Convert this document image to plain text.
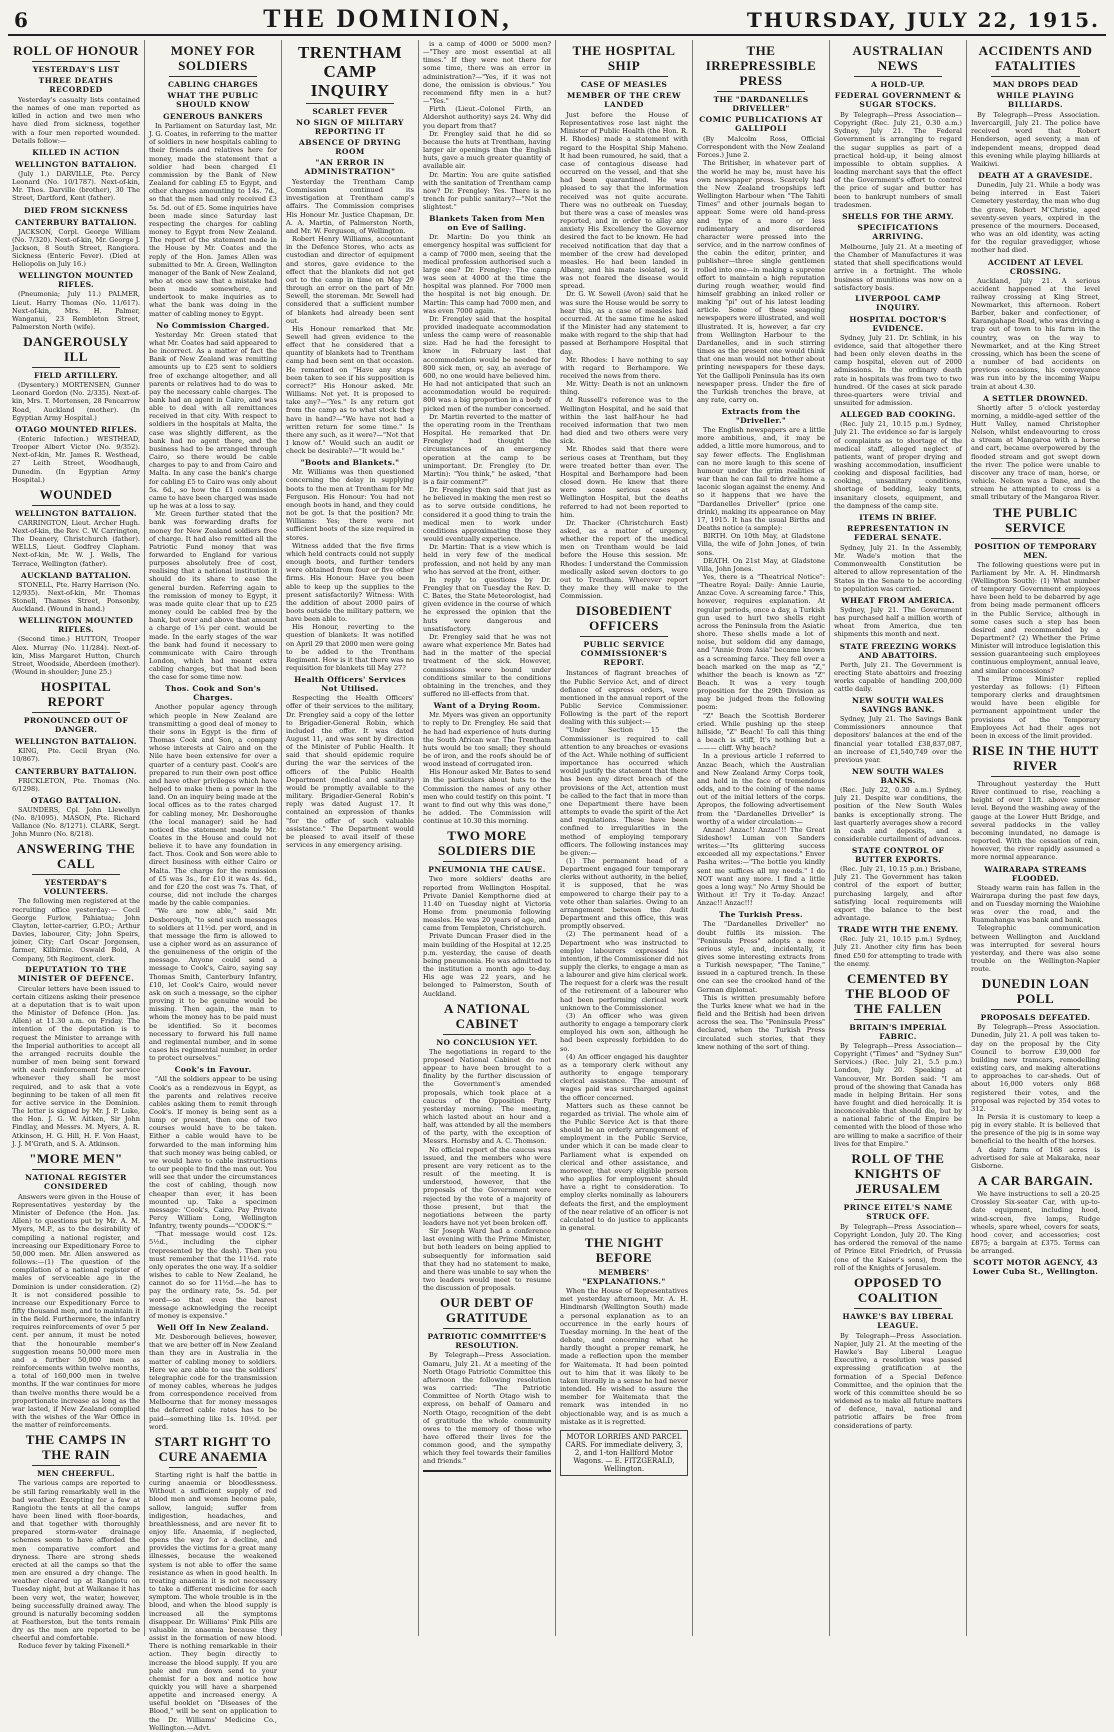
6	THE DOMINION,	THURSDAY, JULY 22, 1915.
ROLL OF HONOUR
YESTERDAY'S LIST
THREE DEATHS RECORDED

Yesterday's casualty lists contained the names of one man reported as killed in action and two men who have died from sickness, together with a four men reported wounded. Details follow:—

KILLED IN ACTION
WELLINGTON BATTALION.

(July 1.) DARVILLE, Pte. Percy Leonard (No. 10/1787). Next-of-kin, Mr. Thos. Darville (brother), 30 The Street, Dartford, Kent (father).

DIED FROM SICKNESS
CANTERBURY BATTALION.

JACKSON, Corpl. George William (No. 7/320). Next-of-kin, Mr. George J. Jackson, 8 South Street, Rangiora. Sickness (Enteric Fever). (Died at Heliopolis on July 16.)

WELLINGTON MOUNTED RIFLES.

(Pneumonia; July 11.) PALMER, Lieut. Harry Thomas (No. 11/617). Next-of-kin, Mrs. H. Palmer, Wanganui, 23 Rembleton Street, Palmerston North (wife).

DANGEROUSLY ILL
FIELD ARTILLERY.

(Dysentery.) MORTENSEN, Gunner Leonard Gordon (No. 2/335). Next-of-kin, Mrs. T. Mortensen, 28 Pencarrow Road, Auckland (mother). (In Egyptian Army Hospital.)

OTAGO MOUNTED RIFLES.

(Enteric Infection.) WESTHEAD, Trooper Albert Victor (No. 9/352). Next-of-kin, Mr. James R. Westhead, 27 Leith Street, Woodhaugh, Dunedin. (In Egyptian Army Hospital.)

WOUNDED
WELLINGTON BATTALION.

CARRINGTON, Lieut. Archer Hugh. Next-of-kin, the Rev. C. W. Carrington, The Deanery, Christchurch (father). WELLS, Lieut. Godfrey Clapham. Next-of-kin, Mr. W. J. Wells, The Terrace, Wellington (father).

AUCKLAND BATTALION.

STONELL, Pte. Harry Harrison (No. 12/935). Next-of-kin, Mr. Thomas Stonell, Thames Street, Ponsonby, Auckland. (Wound in hand.)

WELLINGTON MOUNTED RIFLES.

(Second time.) HUTTON, Trooper Alex. Murray (No. 11/284). Next-of-kin, Miss Margaret Hutton, Church Street, Woodside, Aberdeen (mother). (Wound in shoulder; June 25.)

HOSPITAL REPORT
PRONOUNCED OUT OF DANGER.
WELLINGTON BATTALION.

KING, Pte. Cecil Bryan (No. 10/867).

CANTERBURY BATTALION.

FRICKLETON, Pte. Thomas (No. 6/1298).

OTAGO BATTALION.

SAUNDERS, Cpl. John Llewellyn (No. 8/1095). MASON, Pte. Richard Vallance (No. 8/1271). CLARK, Sergt. John Munro (No. 8/218).

ANSWERING THE CALL
YESTERDAY'S VOLUNTEERS.

The following men registered at the recruiting office yesterday:— Cecil George Furlow, Pahiatua; John Clayton, letter-carrier, G.P.O.; Arthur Davies, labourer, City; John Speirs, joiner, City; Carl Oscar Jorgensen, farmer, Kilbirnie. Oswald Bold, A Company, 5th Regiment, clerk.

DEPUTATION TO THE MINISTER OF DEFENCE.

Circular letters have been issued to certain citizens asking their presence at a deputation that is to wait upon the Minister of Defence (Hon. Jas. Allen) at 11.30 a.m. on Friday. The intention of the deputation is to request the Minister to arrange with the Imperial authorities to accept all the arranged recruits double the number of men being sent forward with each reinforcement for service whenever they shall be most required, and to ask that a vote beginning to be taken of all men fit for active service in the Dominion. The letter is signed by Mr. J. P. Luke, the Hon. J. G. W. Aitken, Sir John Findlay, and Messrs. M. Myers, A. R. Atkinson, H. G. Hill, H. F. Von Haast, J. J. M'Grath, and S. A. Atkinson.

"MORE MEN"
NATIONAL REGISTER CONSIDERED

Answers were given in the House of Representatives yesterday by the Minister of Defence (the Hon. Jas. Allen) to questions put by Mr. A. M. Myers, M.P., as to the desirability of compiling a national register, and increasing our Expeditionary Force to 50,000 men. Mr. Allen answered as follows:—(1) The question of the compilation of a national register of males of serviceable age in the Dominion is under consideration. (2) It is not considered possible to increase our Expeditionary Force to fifty thousand men, and to maintain it in the field. Furthermore, the infantry requires reinforcements of over 5 per cent. per annum, it must be noted that the honourable member's suggestion means 50,000 more men and a further 50,000 men as reinforcements within twelve months, a total of 160,000 men in twelve months. If the war continues for more than twelve months there would be a proportionate increase as long as the war lasted, if New Zealand complied with the wishes of the War Office in the matter of reinforcements.

THE CAMPS IN THE RAIN
MEN CHEERFUL.

The various camps are reported to be still faring remarkably well in the bad weather. Excepting for a few at Rangiotu the tents at all the camps have been lined with floor-boards, and that together with thoroughly prepared storm-water drainage schemes seem to have afforded the men comparative comfort and dryness. There are strong sheds erected at all the camps so that the men are ensured a dry change. The weather cleared up at Rangiotu on Tuesday night, but at Waikanae it has been very wet, the water, however, being successfully drained away. The ground is naturally becoming sodden at Featherston, but the tents remain dry as the men are reported to be cheerful and comfortable.

Reduce fever by taking Fixenell.*

MONEY FOR SOLDIERS
CABLING CHARGES
WHAT THE PUBLIC SHOULD KNOW
GENEROUS BANKERS

In Parliament on Saturday last, Mr. J. G. Coates, in referring to the matter of soldiers in new hospitals cabling to their friends and relatives here for money, made the statement that a soldier had been charged £1 commission by the Bank of New Zealand for cabling £5 to Egypt, and other charges amounting to 14s. 7d., so that the men had only received £3 5s. 5d. out of £5. Some inquiries have been made since Saturday last respecting the charges for cabling money to Egypt from New Zealand. The report of the statement made in the House by Mr. Coates and the reply of the Hon. James Allen was submitted to Mr. A. Green, Wellington manager of the Bank of New Zealand, who at once saw that a mistake had been made somewhere, and undertook to make inquiries as to what the bank was doing in the matter of cabling money to Egypt.

No Commission Charged.

Yesterday Mr. Green stated that what Mr. Coates had said appeared to be incorrect. As a matter of fact the Bank of New Zealand was remitting amounts up to £25 sent to soldiers free of exchange altogether, and all parents or relatives had to do was to pay the necessary cable charges. The bank had an agent in Cairo, and was able to deal with all remittances received in that city. With respect to soldiers in the hospitals at Malta, the case was slightly different, as the bank had no agent there, and the business had to be arranged through Cairo, so there would be cable charges to pay to and from Cairo and Malta. In any case the bank's charge for cabling £5 to Cairo was only about 5s. 6d., so how the £1 commission came to have been charged was made up he was at a loss to say.

Mr. Green further stated that the bank was forwarding drafts for money for New Zealand soldiers free of charge. It had also remitted all the Patriotic Fund money that was forwarded to England for various purposes absolutely free of cost, realising that a national institution it should do its share to ease the general burden. Referring again to the remission of money to Egypt, it was made quite clear that up to £25 money could be cabled free by the bank, but over and above that amount a charge of 1¼ per cent. would be made. In the early stages of the war the bank had found it necessary to communicate with Cairo through London, which had meant extra cabling charges, but that had been the case for some time now.

Thos. Cook and Son's Charges.

Another popular agency through which people in New Zealand are transmitting a good deal of money to their sons in Egypt is the firm of Thomas Cook and Son, a company whose interests at Cairo and on the Nile have been extensive for over a quarter of a century past. Cook's are prepared to run their own post office and have other privileges which have helped to make them a power in the land. On an inquiry being made at the local offices as to the rates charged for cabling money, Mr. Deshoroughe (the local manager) said he had noticed the statement made by Mr. Coates in the House and could not believe it to have any foundation in fact. Thos. Cook and Son were able to direct business with either Cairo or Malta. The charge for the remission of £5 was 3s., for £10 it was 4s. 6d., and for £20 the cost was 7s. That, of course, did not include the charges made by the cable companies.

"We are now able," said Mr. Desborough, "to send such messages to soldiers at 11½d. per word, and in that message the firm is allowed to use a cipher word as an assurance of the genuineness of the origin of the message. Anyone could send a message to Cook's, Cairo, saying say Thomas Smith, Canterbury Infantry, £10, let Cook's Cairo, would never ask on such a message, so the cipher proving it to be genuine would be missing. Then again, the man to whom the money has to be paid must be identified. So it becomes necessary to forward his full name and regimental number, and in some cases his regimental number, in order to protect ourselves."

Cook's in Favour.

"All the soldiers appear to be using Cook's as a rendezvous in Egypt, as the parents and relatives receive cables asking them to remit through Cook's. If money is being sent as a lump or present, then one of two courses would have to be taken. Either a cable would have to be forwarded to the man informing him that such money was being cabled, or we would have to cable instructions to our people to find the man out. You will see that under the circumstances the cost of cabling, though now cheaper than ever, it has been mounted up. Take a specimen message: 'Cook's, Cairo. Pay Private Percy William Long, Wellington Infantry, twenty pounds—"COOK'S."'

"That message would cost 12s. 5½d., including the cipher (represented by the dash). Then you must remember that the 11½d. rate only operates the one way. If a soldier wishes to cable to New Zealand, he cannot do so for 11½d.—he has to pay the ordinary rate, 5s. 5d. per word—so that even the barest message acknowledging the receipt of money is expensive."

Well Off In New Zealand.

Mr. Desborough believes, however, that we are better off in New Zealand than they are in Australia in the matter of cabling money to soldiers. Here we are able to use the soldiers' telegraphic code for the transmission of money cables, whereas he judges from correspondence received from Melbourne that for money messages the deferred cable rates has to be paid—something like 1s. 10½d. per word.

START RIGHT TO CURE ANAEMIA

Starting right is half the battle in curing anaemia or bloodlessness. Without a sufficient supply of red blood men and women become pale, sallow, languid; suffer from indigestion, headaches, and breathlessness, and are never fit to enjoy life. Anaemia, if neglected, opens the way for a decline, and provides the victims for a great many illnesses, because the weakened system is not able to offer the same resistance as when in good health. In treating anaemia it is not necessary to take a different medicine for each symptom. The whole trouble is in the blood, and when the blood supply is increased all the symptoms disappear. Dr. Williams' Pink Pills are valuable in anaemia because they assist in the formation of new blood. There is nothing remarkable in their action. They begin directly to increase the blood supply. If you are pale and run down send to your chemist for a box and notice how quickly you will have a sharpened appetite and increased energy. A useful booklet on "Diseases of the Blood," will be sent on application to the Dr. Williams' Medicine Co., Wellington.—Advt.

TRENTHAM CAMP INQUIRY
SCARLET FEVER
NO SIGN OF MILITARY REPORTING IT
ABSENCE OF DRYING ROOM
"AN ERROR IN ADMINISTRATION"

Yesterday the Trentham Camp Commission continued its investigation at Trentham camp's affairs. The Commission comprises His Honour Mr. Justice Chapman, Dr. A. A. Martin, of Palmerston North, and Mr. W. Ferguson, of Wellington.

Robert Henry Williams, accountant in the Defence Stores, who acts as custodian and director of equipment and stores, gave evidence to the effect that the blankets did not get out to the camp in time on May 29 through an error on the part of Mr. Sewell, the storeman. Mr. Sewell had considered that a sufficient number of blankets had already been sent out.

His Honour remarked that Mr. Sewell had given evidence to the effect that he considered that a quantity of blankets had to Trentham camp had been sent on that occasion. He remarked on "Have any steps been taken to see if his supposition is correct?" His Honour asked. Mr. Williams: Not yet. It is proposed to take any?—"Yes." Is any return got from the camp as to what stock they have in hand?—"We have not had a written return for some time." Is there any such, as it were?—"Not that I know of." Would such an audit or check be desirable?—"It would be."

"Boots and Blankets."

Mr. Williams was then questioned concerning the delay in supplying boots to the men at Trentham for Mr. Ferguson. His Honour: You had not enough boots in hand, and they could not be got. Is that the position? Mr. Williams: Yes; there were not sufficient boots of the size required in stores.

Witness added that the five firms which held contracts could not supply enough boots, and further tenders were obtained from four or five other firms. His Honour: Have you been able to keep up the supplies to the present satisfactorily? Witness: With the addition of about 2000 pairs of boots outside the military pattern, we have been able to.

His Honour, reverting to the question of blankets: It was notified on April 29 that 2000 men were going to be added to the Trentham Regiment. How is it that there was no requisition for blankets till May 27?

Health Officers' Services Not Utilised.

Respecting the Health Officers' offer of their services to the military, Dr. Frengley said a copy of the letter to Brigadier-General Robin, which included the offer. It was dated August 11, and was sent by direction of the Minister of Public Health. It said that should epidemic require during the war the services of the officers of the Public Health Department (medical and sanitary) would be promptly available to the military. Brigadier-General Robin's reply was dated August 17. It contained an expression of thanks "for the offer of such valuable assistance." The Department would be pleased to avail itself of these services in any emergency arising.

is a camp of 4000 or 5000 men?—"They are most essential at all times." If they were not there for some time, there was an error in administration?—"Yes, if it was not done, the omission is obvious." You recommend fifty men in a hut?—"Yes."

Firth (Lieut.-Colonel Firth, an Aldershot authority) says 24. Why did you depart from that?

Dr. Frengley said that he did so because the huts at Trentham, having larger air openings than the English huts, gave a much greater quantity of available air.

Dr. Martin: You are quite satisfied with the sanitation of Trentham camp now? Dr. Frengley: Yes. There is no trench for public sanitary?—"Not the slightest."

Blankets Taken from Men on Eve of Sailing.

Dr. Martin: Do you think an emergency hospital was sufficient for a camp of 7000 men, seeing that the medical profession authorised such a large one? Dr. Frengley: The camp was seen at 4000 at the time the hospital was planned. For 7000 men the hospital is not big enough. Dr. Martin: This camp had 7000 men, and was even 7000 again.

Dr. Frengley said that the hospital provided inadequate accommodation unless the camp were of reasonable size. Had he had the foresight to know in February last that accommodation would be needed for 800 sick men, or, say, an average of 600, no one would have believed him. He had not anticipated that such an accommodation would be required: 800 was a big proportion in a body of picked men of the number concerned.

Dr. Martin reverted to the matter of the operating room in the Trentham Hospital. He remarked that Dr. Frengley had thought the circumstances of an emergency operation at the camp to be unimportant. Dr. Frengley (to Dr. Martin): "You think," he asked, "that is a fair comment?"

Dr. Frengley then said that just as he believed in making the men rest so as to serve outside conditions, he considered it a good thing to train the medical men to work under conditions approximating those they would eventually experience.

Dr. Martin: That is a view which is held in very few of the medical profession, and not held by any man who has served at the front, either.

In reply to questions by Dr. Frengley that on Tuesday the Rev. D. C. Bates, the State Meteorologist, had given evidence in the course of which he expressed the opinion that the huts were dangerous and unsatisfactory.

Dr. Frengley said that he was not aware what experience Mr. Bates had had in the matter of the special treatment of the sick. However, commissions were bound under conditions similar to the conditions obtaining in the trenches, and they suffered no ill-effects from that.

Want of a Drying Room.

Mr. Myers was given an opportunity to reply to Dr. Frengley. He said that he had had experience of huts during the South African war. The Trentham huts would be too small; they should be of iron, and the roofs should be of wood instead of corrugated iron.

His Honour asked Mr. Bates to send in the particulars about huts to the Commission the names of any other men who could testify on this point. "I want to find out why this was done," he added. The Commission will continue at 10.30 this morning.

TWO MORE SOLDIERS DIE
PNEUMONIA THE CAUSE.

Two more soldiers' deaths are reported from Wellington Hospital. Private Daniel Kempthorne died at 11.40 on Tuesday night at Victoria Home from pneumonia following measles. He was 20 years of age, and came from Templeton, Christchurch.

Private Duncan Fraser died in the main building of the Hospital at 12.25 p.m. yesterday, the cause of death being pneumonia. He was admitted to the institution a month ago to-day. His age was 22 years, and he belonged to Palmerston, South of Auckland.

A NATIONAL CABINET
NO CONCLUSION YET.

The negotiations in regard to the proposed National Cabinet do not appear to have been brought to a finality by the further discussion of the Government's amended proposals, which took place at a caucus of the Opposition Party yesterday morning. The meeting, which lasted about an hour and a half, was attended by all the members of the party, with the exception of Messrs. Hornsby and A. C. Thomson.

No official report of the caucus was issued, and the members who were present are very reticent as to the result of the meeting. It is understood, however, that the proposals of the Government were rejected by the vote of a majority of those present, but that the negotiations between the party leaders have not yet been broken off.

Sir Joseph Ward had a conference last evening with the Prime Minister, but both leaders on being applied to subsequently for information said that they had no statement to make, and there was unable to say when the two leaders would meet to resume the discussion of proposals.

OUR DEBT OF GRATITUDE
PATRIOTIC COMMITTEE'S RESOLUTION.

By Telegraph—Press Association. Oamaru, July 21. At a meeting of the North Otago Patriotic Committee this afternoon the following resolution was carried: "The Patriotic Committee of North Otago wish to express, on behalf of Oamaru and North Otago, recognition of the debt of gratitude the whole community owes to the memory of those who have offered their lives for the common good, and the sympathy which they feel towards their families and friends."

THE HOSPITAL SHIP
CASE OF MEASLES
MEMBER OF THE CREW LANDED

Just before the House of Representatives rose last night the Minister of Public Health (the Hon. R. H. Rhodes) made a statement with regard to the Hospital Ship Maheno. It had been rumoured, he said, that a case of contagious disease had occurred on the vessel, and that she had been quarantined. He was pleased to say that the information received was not quite accurate. There was no outbreak on Tuesday, but there was a case of measles was reported, and in order to allay any anxiety His Excellency the Governor desired the fact to be known. He had received notification that day that a member of the crew had developed measles. He had been landed in Albany, and his mate isolated, so it was not feared the disease would spread.

Dr. G. W. Sewell (Avon) said that he was sure the House would be sorry to hear this, as a case of measles had occurred. At the same time he asked if the Minister had any statement to make with regard to the ship that had passed at Berhampore Hospital that day.

Mr. Rhodes: I have nothing to say with regard to Berhampore. We received the news from there.

Mr. Witty: Death is not an unknown thing.

At Russell's reference was to the Wellington Hospital, and he said that within the last half-hour he had received information that two men had died and two others were very sick.

Mr. Rhodes said that there were serious cases at Trentham, but they were treated better than ever. The Hospital and Berhampore had been closed down. He knew that there were some serious cases at Wellington Hospital, but the deaths referred to had not been reported to him.

Dr. Thacker (Christchurch East) asked, as a matter of urgency, whether the report of the medical men on Trentham would be laid before the House this session. Mr. Rhodes: I understand the Commission medically asked seven doctors to go out to Trentham. Wherever report they make they will make to the Commission.

DISOBEDIENT OFFICERS
PUBLIC SERVICE COMMISSIONER'S REPORT.

Instances of flagrant breaches of the Public Service Act, and of direct defiance of express orders, were mentioned in the annual report of the Public Service Commissioner. Following is the part of the report dealing with this subject:—

"Under Section 15 the Commissioner is required to call attention to any breaches or evasions of the Act. While nothing of sufficient importance has occurred which would justify the statement that there has been any direct breach of the provisions of the Act, attention must be called to the fact that in more than one Department there have been attempts to evade the spirit of the Act and regulations. These have been confined to irregularities in the method of employing temporary officers. The following instances may be given:—

(1) The permanent head of a Department engaged four temporary clerks without authority, in the belief, it is supposed, that he was empowered to charge their pay to a vote other than salaries. Owing to an arrangement between the Audit Department and this office, this was promptly observed.

(2) The permanent head of a Department who was instructed to employ labourers expressed his intention, if the Commissioner did not supply the clerks, to engage a man as a labourer and give him clerical work. The request for a clerk was the result of the retirement of a labourer who had been performing clerical work unknown to the Commissioner.

(3) An officer who was given authority to engage a temporary clerk employed his own son, although he had been expressly forbidden to do so.

(4) An officer engaged his daughter as a temporary clerk without any authority to engage temporary clerical assistance. The amount of wages paid was surcharged against the officer concerned.

Matters such as these cannot be regarded as trivial. The whole aim of the Public Service Act is that there should be an orderly arrangement of employment in the Public Service, under which it can be made clear to Parliament what is expended on clerical and other assistance, and moreover, that every eligible person who applies for employment should have a right to consideration. To employ clerks nominally as labourers defeats the first, and the employment of the near relative of an officer is not calculated to do justice to applicants in general.

THE NIGHT BEFORE
MEMBERS' "EXPLANATIONS."

When the House of Representatives met yesterday afternoon, Mr. A. H. Hindmarsh (Wellington South) made a personal explanation as to an occurrence in the early hours of Tuesday morning. In the heat of the debate, and concerning what he hardly thought a proper remark, he made a reflection upon the member for Waitemata. It had been pointed out to him that it was likely to be taken literally in a sense he had never intended. He wished to assure the member for Waitemata that the remark was intended in no objectionable way, and is as much a mistake as it is regretted.

MOTOR LORRIES AND PARCEL CARS. For immediate delivery, 3, 2, and 1-ton Hallford Motor Wagons. — E. FITZGERALD, Wellington.
THE IRREPRESSIBLE PRESS
THE "DARDANELLES DRIVELLER"
COMIC PUBLICATIONS AT GALLIPOLI

(By Malcolm Ross, Official Correspondent with the New Zealand Forces.) June 2.

The Britisher, in whatever part of the world he may be, must have his own newspaper press. Scarcely had the New Zealand troopships left Wellington Harbour when "The Tahiti Times" and other journals began to appear. Some were old hand-press and type of a more or less rudimentary and disordered character were pressed into the service, and in the narrow confines of the cabin the editor, printer, and publisher—three single gentlemen rolled into one—in making a supreme effort to maintain a high reputation during rough weather, would find himself grabbing an inked roller or making "pi" out of his latest leading article. Some of these seagoing newspapers were illustrated, and well illustrated. It is, however, a far cry from Wellington Harbour to the Dardanelles, and in such stirring times as the present one would think that one man would not bother about printing newspapers for these days. Yet the Gallipoli Peninsula has its own newspaper press. Under the fire of the Turkish trenches the brave, at any rate, carry on.

Extracts from the "Driveller."

The English newspapers are a little more ambitious, and, it may be added, a little more humorous, and to say fewer effects. The Englishman can no more laugh to this scene of humour under the grim realities of war than he can fail to drive home a laconic slogan against the enemy. And so it happens that we have the "Dardanelles Driveller" (price one drink), making its appearance on May 17, 1915. It has the usual Births and Deaths notice (a sample):

BIRTH. On 10th May, at Gladstone Villa, the wife of John Jones, of twin sons.

DEATH. On 21st May, at Gladstone Villa, John Jones.

Yes, there is a "Theatrical Notice": "Theatre Royal: Daily: Annie Laurie, Anzac Cove. A screaming farce." This, however, requires explanation. At regular periods, once a day, a Turkish gun used to hurl two shells right across the Peninsula from the Asiatic shore. These shells made a lot of noise, but seldom did any damage, and "Annie from Asia" became known as a screaming farce. They fell over a beach marked on the map as "Z," whither the beach is known as "Z" Beach. It was a very tough proposition for the 29th Division as may be judged from the following poem:

"Z" Beach the Scottish Borderer cried. While pushing up the steep hillside, "Z" Beach! To call this thing a beach is stiff, It's nothing but a ——— cliff. Why beach?

In a previous article I referred to Anzac Beach, which the Australian and New Zealand Army Corps took, and held in the face of tremendous odds, and to the coining of the name out of the initial letters of the corps. Apropos, the following advertisement from the "Dardanelles Driveller" is worthy of a wider circulation:—

Anzac! Anzac!! Anzac!!! The Great Sideshow! Luman von Sanders writes:—"Its glittering success exceeded all my expectations." Enver Pasha writes:—"The bottle you kindly sent me suffices all my needs." I do NOT want any more. I find a little goes a long way." No Army Should be Without it! Try it To-day. Anzac! Anzac!! Anzac!!!

The Turkish Press.

The "Dardanelles Driveller" no doubt fulfils its mission. The "Peninsula Press" adopts a more serious style, and, incidentally, it gives some interesting extracts from a Turkish newspaper, "The Tanine," issued in a captured trench. In these one can see the crooked hand of the German diplomat.

This is written presumably before the Turks knew what we had in the field and the British had been driven across the sea. The "Peninsula Press" declared, when the Turkish Press circulated such stories, that they knew nothing of the sort of thing.

AUSTRALIAN NEWS
A HOLD-UP.
FEDERAL GOVERNMENT & SUGAR STOCKS.

By Telegraph—Press Association—Copyright (Rec. July 21, 0.30 a.m.) Sydney, July 21. The Federal Government is arranging to regard the sugar supplies as part of a practical hold-up, it being almost impossible to obtain supplies. A leading merchant says that the effect of the Government's effort to control the price of sugar and butter has been to bankrupt numbers of small tradesmen.

SHELLS FOR THE ARMY.
SPECIFICATIONS ARRIVING.

Melbourne, July 21. At a meeting of the Chamber of Manufactures it was stated that shell specifications would arrive in a fortnight. The whole business of munitions was now on a satisfactory basis.

LIVERPOOL CAMP INQUIRY.
HOSPITAL DOCTOR'S EVIDENCE.

Sydney, July 21. Dr. Schlink, in his evidence, said that altogether there had been only eleven deaths in the camp hospital, eleven out of 2000 admissions. In the ordinary death rate in hospitals was from two to two hundred. Of the cases at sick parade three-quarters were trivial and unsuited for admission.

ALLEGED BAD COOKING.

(Rec. July 21, 10.15 p.m.) Sydney, July 21. The evidence so far is largely of complaints as to shortage of the medical staff, alleged neglect of patients, want of proper drying and washing accommodation, insufficient cooking and disposal facilities, bad cooking, unsanitary conditions, shortage of bedding, leaky tents, insanitary closets, equipment, and the dampness of the camp site.

ITEMS IN BRIEF.
REPRESENTATION IN FEDERAL SENATE.

Sydney, July 21. In the Assembly, Mr. Wade's motion that the Commonwealth Constitution be altered to allow representation of the States in the Senate to be according to population was carried.

WHEAT FROM AMERICA.

Sydney, July 21. The Government has purchased half a million worth of wheat from America, due ten shipments this month and next.

STATE FREEZING WORKS AND ABATTOIRS.

Perth, July 21. The Government is erecting State abattoirs and freezing works capable of handling 200,000 cattle daily.

NEW SOUTH WALES SAVINGS BANK.

Sydney, July 21. The Savings Bank Commissioners announce that depositors' balances at the end of the financial year totalled £38,837,087, an increase of £1,540,749 over the previous year.

NEW SOUTH WALES BANKS.

(Rec. July 22, 0.30 a.m.) Sydney, July 21. Despite war conditions, the position of the New South Wales banks is exceptionally strong. The last quarterly averages show a record in cash and deposits, and a considerable curtailment of advances.

STATE CONTROL OF BUTTER EXPORTS.

(Rec. July 21, 10.15 p.m.) Brisbane, July 21. The Government has taken control of the export of butter, purchasing largely, and after satisfying local requirements will export the balance to the best advantage.

TRADE WITH THE ENEMY.

(Rec. July 21, 10.15 p.m.) Sydney, July 21. Another city firm has been fined £50 for attempting to trade with the enemy.

CEMENTED BY THE BLOOD OF THE FALLEN
BRITAIN'S IMPERIAL FABRIC.

By Telegraph—Press Association—Copyright ("Times" and "Sydney Sun" Services.) (Rec. July 21, 5.5 p.m.) London, July 20. Speaking at Vancouver, Mr. Borden said: "I am proud of the showing that Canada has made in helping Britain. Her sons have fought and died heroically. It is inconceivable that should die, but by a national fabric of the Empire be cemented with the blood of those who are willing to make a sacrifice of their lives for that Empire."

ROLL OF THE KNIGHTS OF JERUSALEM
PRINCE EITEL'S NAME STRUCK OFF.

By Telegraph—Press Association—Copyright London, July 20. The King has ordered the removal of the name of Prince Eitel Friedrich, of Prussia (one of the Kaiser's sons), from the roll of the Knights of Jerusalem.

OPPOSED TO COALITION
HAWKE'S BAY LIBERAL LEAGUE.

By Telegraph—Press Association. Napier, July 21. At the meeting of the Hawke's Bay Liberal League Executive, a resolution was passed expressing gratification at the formation of a Special Defence Committee, and the opinion that the work of this committee should be so widened as to make all future matters of defence, naval, national and patriotic affairs be free from considerations of party.

ACCIDENTS AND FATALITIES
MAN DROPS DEAD
WHILE PLAYING BILLIARDS.

By Telegraph—Press Association. Invercargill, July 21. The police have received word that Robert Henderson, aged seventy, a man of independent means, dropped dead this evening while playing billiards at Waikiwi.

DEATH AT A GRAVESIDE.

Dunedin, July 21. While a body was being interred in East Taieri Cemetery yesterday, the man who dug the grave, Robert M'Christie, aged seventy-seven years, expired in the presence of the mourners. Deceased, who was an old identity, was acting for the regular gravedigger, whose mother had died.

ACCIDENT AT LEVEL CROSSING.

Auckland, July 21. A serious accident happened at the level railway crossing at King Street, Newmarket, this afternoon. Robert Barber, baker and confectioner, of Karangahape Road, who was driving a trap out of town to his farm in the country, was on the way to Newmarket, and at the King Street crossing, which has been the scene of a number of bad accidents on previous occasions, his conveyance was run into by the incoming Waipu train at about 4.30.

A SETTLER DROWNED.

Shortly after 5 o'clock yesterday morning, a middle-aged settler of the Hutt Valley, named Christopher Nelson, whilst endeavouring to cross a stream at Mangaroa with a horse and cart, became overpowered by the flooded stream and got swept down the river. The police were unable to discover any trace of man, horse, or vehicle. Nelson was a Dane, and the stream he attempted to cross is a small tributary of the Mangaroa River.

THE PUBLIC SERVICE
POSITION OF TEMPORARY MEN.

The following questions were put in Parliament by Mr. A. H. Hindmarsh (Wellington South): (1) What number of temporary Government employees have been held to be debarred by age from being made permanent officers in the Public Service, although in some cases such a step has been desired and recommended by a Department? (2) Whether the Prime Minister will introduce legislation this session guaranteeing such employees continuous employment, annual leave, and similar concessions?

The Prime Minister replied yesterday as follows: (1) Fifteen temporary clerks and draughtsmen would have been eligible for permanent appointment under the provisions of the Temporary Employees Act had their ages not been in excess of the limit provided.

RISE IN THE HUTT RIVER

Throughout yesterday the Hutt River continued to rise, reaching a height of over 11ft. above summer level. Beyond the washing away of the gauge at the Lower Hutt Bridge, and several paddocks in the valley becoming inundated, no damage is reported. With the cessation of rain, however, the river rapidly assumed a more normal appearance.

WAIRARAPA STREAMS FLOODED.

Steady warm rain has fallen in the Wairarapa during the past few days, and on Tuesday morning the Waiohine was over the road, and the Ruamahanga was bank and bank.

Telegraphic communication between Wellington and Auckland was interrupted for several hours yesterday, and there was also some trouble on the Wellington-Napier route.

DUNEDIN LOAN POLL
PROPOSALS DEFEATED.

By Telegraph—Press Association. Dunedin, July 21. A poll was taken to-day on the proposal by the City Council to borrow £39,000 for building new tramcars, remodelling existing cars, and making alterations to approaches to car-sheds. Out of about 16,000 voters only 868 registered their votes, and the proposal was rejected by 354 votes to 312.

In Persia it is customary to keep a pig in every stable. It is believed that the presence of the pig is in some way beneficial to the health of the horses.

A dairy farm of 168 acres is advertised for sale at Makaraka, near Gisborne.

A CAR BARGAIN.

We have instructions to sell a 20-25 Crossley Six-seater Car, with up-to-date equipment, including hood, wind-screen, five lamps, Rudge wheels, spare wheel, covers for seats, hood cover, and accessories; cost £875; a bargain at £375. Terms can be arranged.

SCOTT MOTOR AGENCY, 43 Lower Cuba St., Wellington.
